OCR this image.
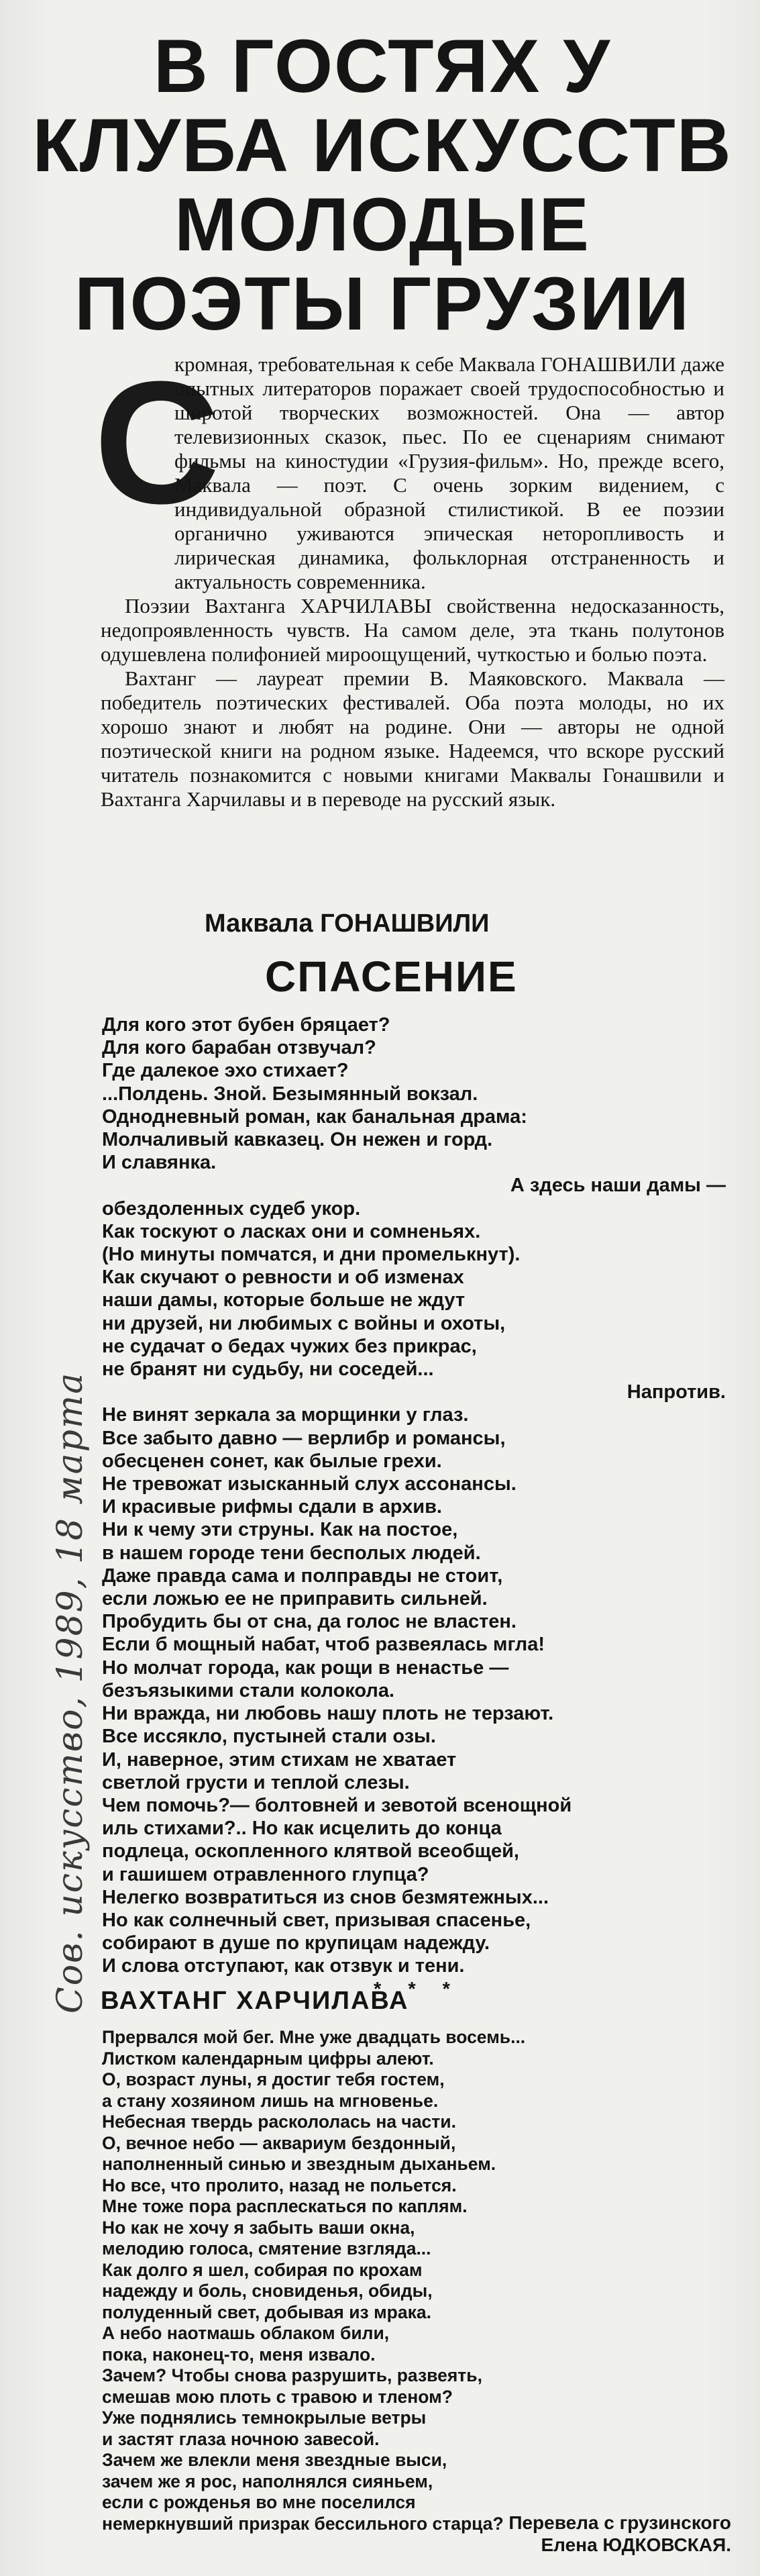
В ГОСТЯХ У КЛУБА ИСКУССТВ МОЛОДЫЕ ПОЭТЫ ГРУЗИИ
С

кромная, требовательная к себе Маквала ГОНАШВИЛИ даже опытных литераторов поражает своей трудоспособностью и широтой творческих возможностей. Она — автор телевизионных сказок, пьес. По ее сценариям снимают фильмы на киностудии «Грузия-фильм». Но, прежде всего, Маквала — поэт. С очень зорким видением, с индивидуальной образной стилистикой. В ее поэзии органично уживаются эпическая неторопливость и лирическая динамика, фольклорная отстраненность и актуальность современника.

Поэзии Вахтанга ХАРЧИЛАВЫ свойственна недосказанность, недопроявленность чувств. На самом деле, эта ткань полутонов одушевлена полифонией мироощущений, чуткостью и болью поэта.

Вахтанг — лауреат премии В. Маяковского. Маквала — победитель поэтических фестивалей. Оба поэта молоды, но их хорошо знают и любят на родине. Они — авторы не одной поэтической книги на родном языке. Надеемся, что вскоре русский читатель познакомится с новыми книгами Маквалы Гонашвили и Вахтанга Харчилавы и в переводе на русский язык.

Маквала ГОНАШВИЛИ
СПАСЕНИЕ
Для кого этот бубен бряцает?
Для кого барабан отзвучал?
Где далекое эхо стихает?
...Полдень. Зной. Безымянный вокзал.
Однодневный роман, как банальная драма:
Молчаливый кавказец. Он нежен и горд.
И славянка.
А здесь наши дамы —
обездоленных судеб укор.
Как тоскуют о ласках они и сомненьях.
(Но минуты помчатся, и дни промелькнут).
Как скучают о ревности и об изменах
наши дамы, которые больше не ждут
ни друзей, ни любимых с войны и охоты,
не судачат о бедах чужих без прикрас,
не бранят ни судьбу, ни соседей...
Напротив.
Не винят зеркала за морщинки у глаз.
Все забыто давно — верлибр и романсы,
обесценен сонет, как былые грехи.
Не тревожат изысканный слух ассонансы.
И красивые рифмы сдали в архив.
Ни к чему эти струны. Как на постое,
в нашем городе тени бесполых людей.
Даже правда сама и полправды не стоит,
если ложью ее не приправить сильней.
Пробудить бы от сна, да голос не властен.
Если б мощный набат, чтоб развеялась мгла!
Но молчат города, как рощи в ненастье —
безъязыкими стали колокола.
Ни вражда, ни любовь нашу плоть не терзают.
Все иссякло, пустыней стали озы.
И, наверное, этим стихам не хватает
светлой грусти и теплой слезы.
Чем помочь?— болтовней и зевотой всенощной
иль стихами?.. Но как исцелить до конца
подлеца, оскопленного клятвой всеобщей,
и гашишем отравленного глупца?
Нелегко возвратиться из снов безмятежных...
Но как солнечный свет, призывая спасенье,
собирают в душе по крупицам надежду.
И слова отступают, как отзвук и тени.
* * *
ВАХТАНГ ХАРЧИЛАВА
Прервался мой бег. Мне уже двадцать восемь...
Листком календарным цифры алеют.
О, возраст луны, я достиг тебя гостем,
а стану хозяином лишь на мгновенье.
Небесная твердь раскололась на части.
О, вечное небо — аквариум бездонный,
наполненный синью и звездным дыханьем.
Но все, что пролито, назад не польется.
Мне тоже пора расплескаться по каплям.
Но как не хочу я забыть ваши окна,
мелодию голоса, смятение взгляда...
Как долго я шел, собирая по крохам
надежду и боль, сновиденья, обиды,
полуденный свет, добывая из мрака.
А небо наотмашь облаком били,
пока, наконец-то, меня извало.
Зачем? Чтобы снова разрушить, развеять,
смешав мою плоть с травою и тленом?
Уже поднялись темнокрылые ветры
и застят глаза ночною завесой.
Зачем же влекли меня звездные выси,
зачем же я рос, наполнялся сияньем,
если с рожденья во мне поселился
немеркнувший призрак бессильного старца? Перевела с грузинского
Елена ЮДКОВСКАЯ.
Сов. искусство, 1989, 18 марта
